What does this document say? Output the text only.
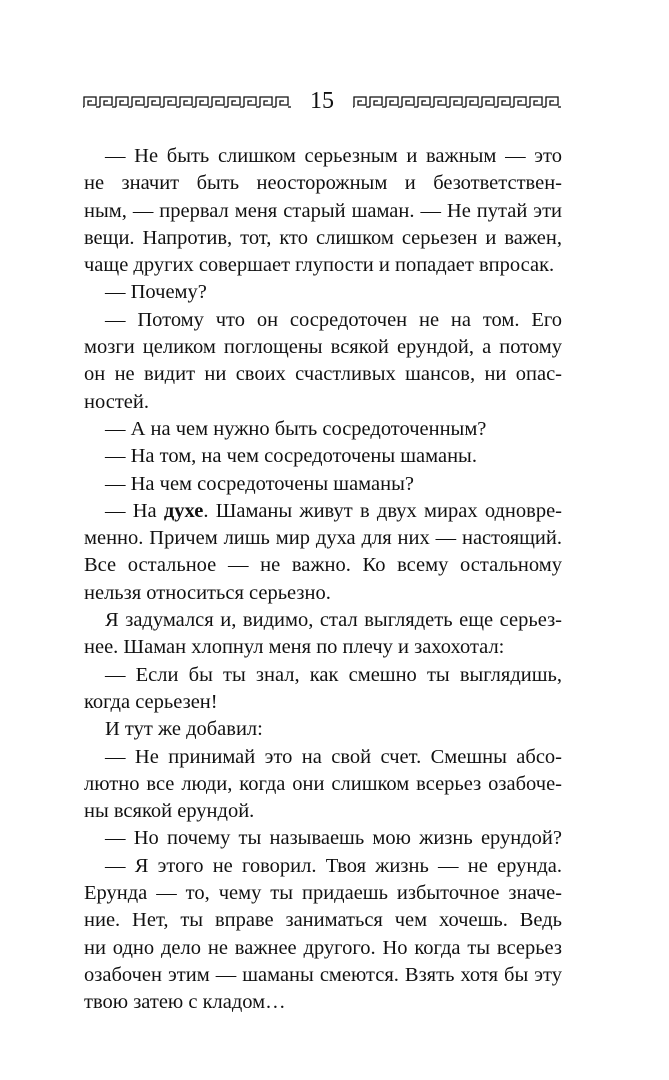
15
— Не быть слишком серьезным и важным — это
не значит быть неосторожным и безответствен-
ным, — прервал меня старый шаман. — Не путай эти
вещи. Напротив, тот, кто слишком серьезен и важен,
чаще других совершает глупости и попадает впросак.
— Почему?
— Потому что он сосредоточен не на том. Его
мозги целиком поглощены всякой ерундой, а потому
он не видит ни своих счастливых шансов, ни опас-
ностей.
— А на чем нужно быть сосредоточенным?
— На том, на чем сосредоточены шаманы.
— На чем сосредоточены шаманы?
— На духе. Шаманы живут в двух мирах одновре-
менно. Причем лишь мир духа для них — настоящий.
Все остальное — не важно. Ко всему остальному
нельзя относиться серьезно.
Я задумался и, видимо, стал выглядеть еще серьез-
нее. Шаман хлопнул меня по плечу и захохотал:
— Если бы ты знал, как смешно ты выглядишь,
когда серьезен!
И тут же добавил:
— Не принимай это на свой счет. Смешны абсо-
лютно все люди, когда они слишком всерьез озабоче-
ны всякой ерундой.
— Но почему ты называешь мою жизнь ерундой?
— Я этого не говорил. Твоя жизнь — не ерунда.
Ерунда — то, чему ты придаешь избыточное значе-
ние. Нет, ты вправе заниматься чем хочешь. Ведь
ни одно дело не важнее другого. Но когда ты всерьез
озабочен этим — шаманы смеются. Взять хотя бы эту
твою затею с кладом…
